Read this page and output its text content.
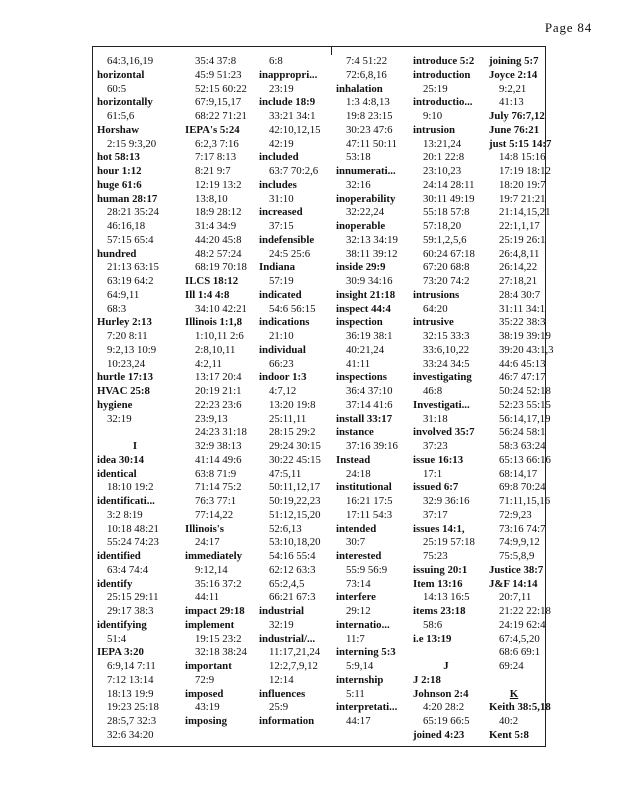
Page 84
64:3,16,19
horizontal
60:5
horizontally
61:5,6
Horshaw
2:15 9:3,20
hot 58:13
hour 1:12
huge 61:6
human 28:17
28:21 35:24
46:16,18
57:15 65:4
hundred
21:13 63:15
63:19 64:2
64:9,11
68:3
Hurley 2:13
7:20 8:11
9:2,13 10:9
10:23,24
hurtle 17:13
HVAC 25:8
hygiene
32:19
I
idea 30:14
identical
18:10 19:2
identificati...
3:2 8:19
10:18 48:21
55:24 74:23
identified
63:4 74:4
identify
25:15 29:11
29:17 38:3
identifying
51:4
IEPA 3:20
6:9,14 7:11
7:12 13:14
18:13 19:9
19:23 25:18
28:5,7 32:3
32:6 34:20
35:4 37:8
45:9 51:23
52:15 60:22
67:9,15,17
68:22 71:21
IEPA's 5:24
6:2,3 7:16
7:17 8:13
8:21 9:7
12:19 13:2
13:8,10
18:9 28:12
31:4 34:9
44:20 45:8
48:2 57:24
68:19 70:18
ILCS 18:12
Ill 1:4 4:8
34:10 42:21
Illinois 1:1,8
1:10,11 2:6
2:8,10,11
4:2,11
13:17 20:4
20:19 21:1
22:23 23:6
23:9,13
24:23 31:18
32:9 38:13
41:14 49:6
63:8 71:9
71:14 75:2
76:3 77:1
77:14,22
Illinois's
24:17
immediately
9:12,14
35:16 37:2
44:11
impact 29:18
implement
19:15 23:2
32:18 38:24
important
72:9
imposed
43:19
imposing
6:8
inappropri...
23:19
include 18:9
33:21 34:1
42:10,12,15
42:19
included
63:7 70:2,6
includes
31:10
increased
37:15
indefensible
24:5 25:6
Indiana
57:19
indicated
54:6 56:15
indications
21:10
individual
66:23
indoor 1:3
4:7,12
13:20 19:8
25:11,11
28:15 29:2
29:24 30:15
30:22 45:15
47:5,11
50:11,12,17
50:19,22,23
51:12,15,20
52:6,13
53:10,18,20
54:16 55:4
62:12 63:3
65:2,4,5
66:21 67:3
industrial
32:19
industrial/...
11:17,21,24
12:2,7,9,12
12:14
influences
25:9
information
7:4 51:22
72:6,8,16
inhalation
1:3 4:8,13
19:8 23:15
30:23 47:6
47:11 50:11
53:18
innumerati...
32:16
inoperability
32:22,24
inoperable
32:13 34:19
38:11 39:12
inside 29:9
30:9 34:16
insight 21:18
inspect 44:4
inspection
36:19 38:1
40:21,24
41:11
inspections
36:4 37:10
37:14 41:6
install 33:17
instance
37:16 39:16
Instead
24:18
institutional
16:21 17:5
17:11 54:3
intended
30:7
interested
55:9 56:9
73:14
interfere
29:12
internatio...
11:7
interning 5:3
5:9,14
internship
5:11
interpretati...
44:17
introduce 5:2
introduction
25:19
introductio...
9:10
intrusion
13:21,24
20:1 22:8
23:10,23
24:14 28:11
30:11 49:19
55:18 57:8
57:18,20
59:1,2,5,6
60:24 67:18
67:20 68:8
73:20 74:2
intrusions
64:20
intrusive
32:15 33:3
33:6,10,22
33:24 34:5
investigating
46:8
Investigati...
31:18
involved 35:7
37:23
issue 16:13
17:1
issued 6:7
32:9 36:16
37:17
issues 14:1,
25:19 57:18
75:23
issuing 20:1
Item 13:16
14:13 16:5
items 23:18
58:6
i.e 13:19
J
J 2:18
Johnson 2:4
4:20 28:2
65:19 66:5
joined 4:23
joining 5:7
Joyce 2:14
9:2,21
41:13
July 76:7,12
June 76:21
just 5:15 14:7
14:8 15:16
17:19 18:12
18:20 19:7
19:7 21:21
21:14,15,21
22:1,1,17
25:19 26:1
26:4,8,11
26:14,22
27:18,21
28:4 30:7
31:11 34:1
35:22 38:3
38:19 39:19
39:20 43:1,3
44:6 45:13
46:7 47:17
50:24 52:18
52:23 55:15
56:14,17,19
56:24 58:1
58:3 63:24
65:13 66:16
68:14,17
69:8 70:24
71:11,15,16
72:9,23
73:16 74:7
74:9,9,12
75:5,8,9
Justice 38:7
J&F 14:14
20:7,11
21:22 22:18
24:19 62:4
67:4,5,20
68:6 69:1
69:24
K
Keith 38:5,18
40:2
Kent 5:8
